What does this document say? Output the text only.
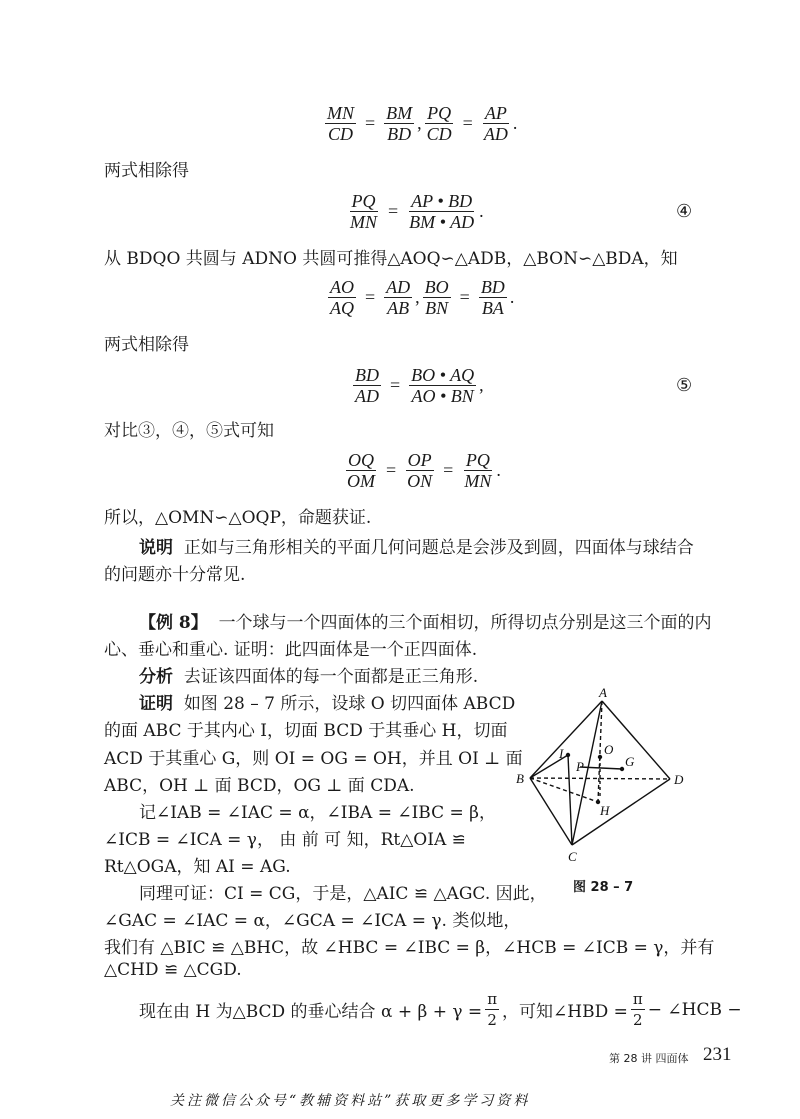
$\frac{MN}{CD} = \frac{BM}{BD}$ , $\frac{PQ}{CD} = \frac{AP}{AD}$ .
两式相除得
$\frac{PQ}{MN} = \frac{AP • BD}{BM • AD}$ .	④
从 BDQO 共圆与 ADNO 共圆可推得△AOQ∽△ADB，△BON∽△BDA，知
$\frac{AO}{AQ} = \frac{AD}{AB}$ , $\frac{BO}{BN} = \frac{BD}{BA}$ .
两式相除得
$\frac{BD}{AD} = \frac{BO • AQ}{AO • BN}$ ,	⑤
对比③，④，⑤式可知
$\frac{OQ}{OM} = \frac{OP}{ON} = \frac{PQ}{MN}$ .
所以，△OMN∽△OQP，命题获证.
说明 正如与三角形相关的平面几何问题总是会涉及到圆，四面体与球结合
的问题亦十分常见.
【例 8】 一个球与一个四面体的三个面相切，所得切点分别是这三个面的内
心、垂心和重心. 证明：此四面体是一个正四面体.
分析 去证该四面体的每一个面都是正三角形.
证明 如图 28 – 7 所示，设球 O 切四面体 ABCD
的面 ABC 于其内心 I，切面 BCD 于其垂心 H，切面
ACD 于其重心 G，则 OI = OG = OH，并且 OI ⊥ 面
ABC，OH ⊥ 面 BCD，OG ⊥ 面 CDA.
记∠IAB = ∠IAC = α，∠IBA = ∠IBC = β，
∠ICB = ∠ICA = γ， 由 前 可 知，Rt△OIA ≌
Rt△OGA，知 AI = AG.
同理可证：CI = CG，于是，△AIC ≌ △AGC. 因此，
∠GAC = ∠IAC = α，∠GCA = ∠ICA = γ. 类似地，
我们有 △BIC ≌ △BHC，故 ∠HBC = ∠IBC = β，∠HCB = ∠ICB = γ，并有
△CHD ≌ △CGD.
现在由 H 为△BCD 的垂心结合 $\alpha + \beta + \gamma = \frac{\pi}{2}$ ，可知∠HBD = $\frac{\pi}{2}$ − ∠HCB −
A
B
C
D
I	O
P	G
H
图 28 – 7
第 28 讲 四面体 231
关注微信公众号“教辅资料站”获取更多学习资料
